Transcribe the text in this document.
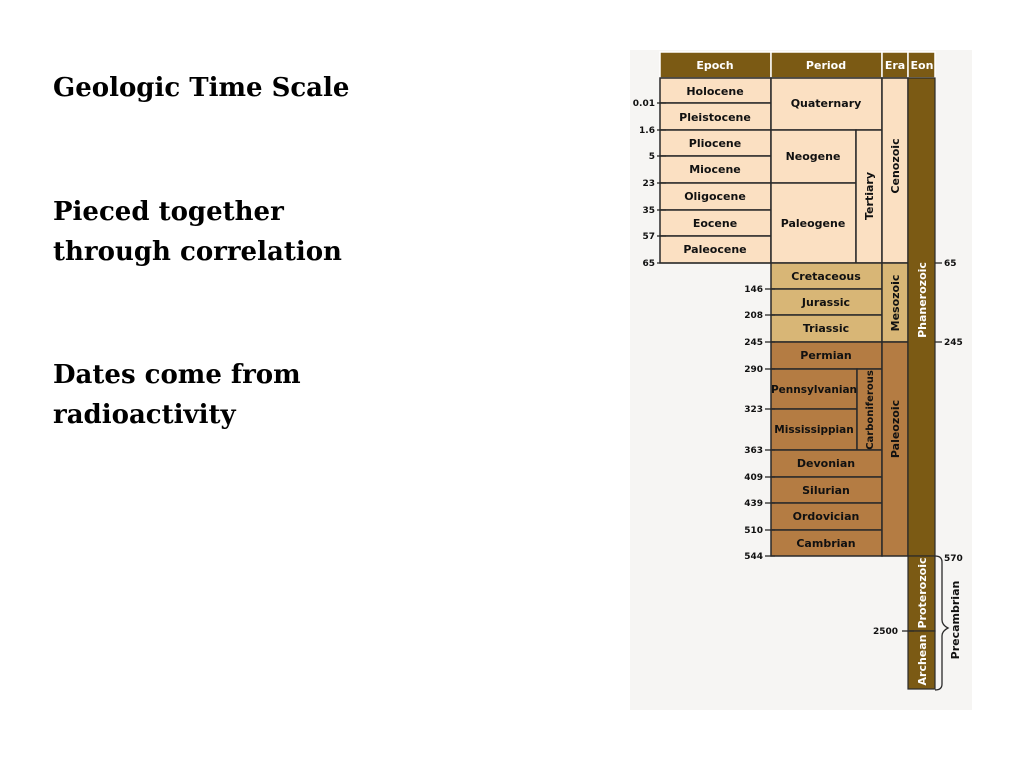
Geologic Time Scale

Pieced together through correlation

Dates come from radioactivity

Epoch	Period	Era Eon
Holocene
Pleistocene
Pliocene
Miocene
Oligocene
Eocene
Paleocene
Quaternary
Neogene
Paleogene
Cretaceous
Jurassic
Triassic
Permian
Pennsylvanian
Mississippian
Devonian
Silurian
Ordovician
Cambrian
Tertiary
Carboniferous
Cenozoic
Mesozoic
Paleozoic
Phanerozoic
Proterozoic
Archean
Precambrian
0.01
1.6
5
23
35
57
65
146
208
245
290
323
363
409
439
510
544
65
245
570
2500
